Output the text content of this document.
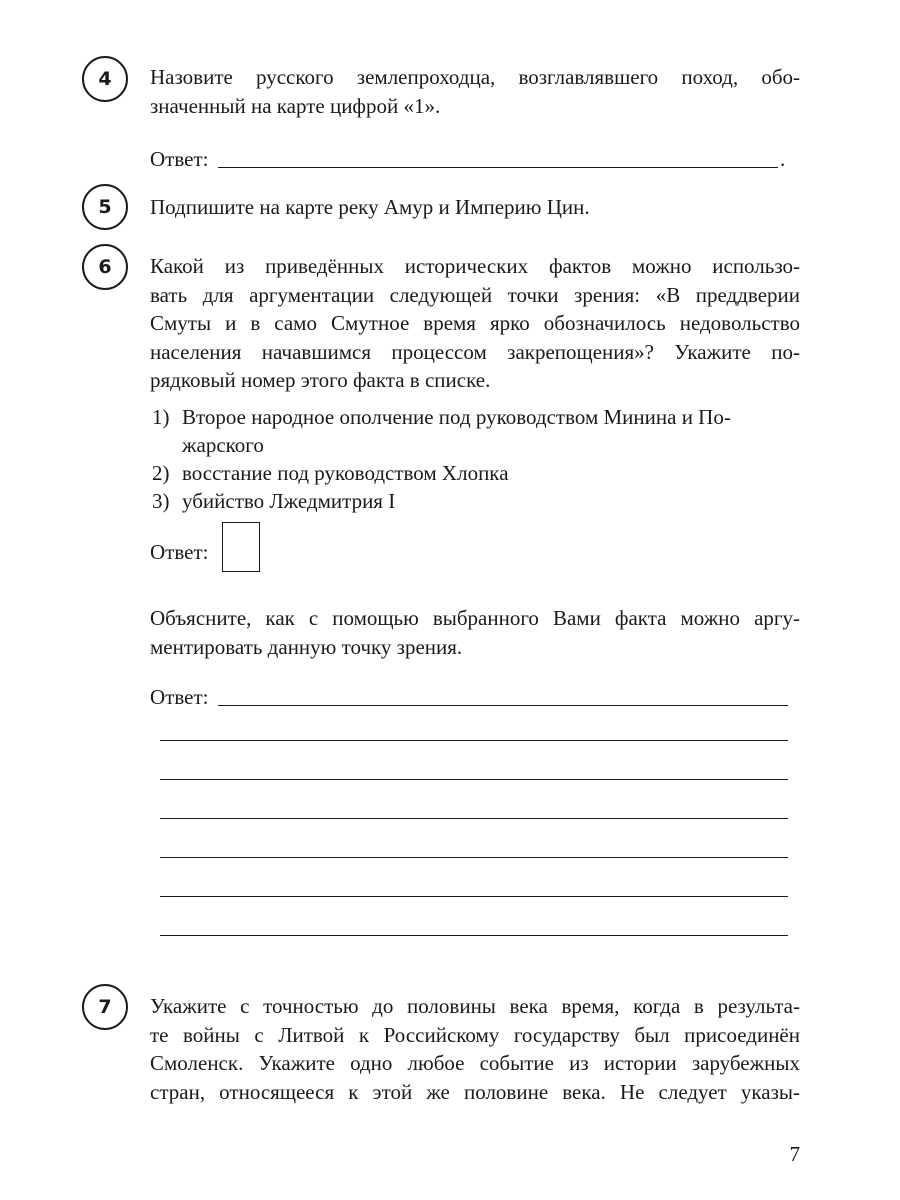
4	Назовите русского землепроходца, возглавлявшего поход, обо-
значенный на карте цифрой «1».
Ответ:	.
5	Подпишите на карте реку Амур и Империю Цин.
6	Какой из приведённых исторических фактов можно использо-
вать для аргументации следующей точки зрения: «В преддверии
Смуты и в само Смутное время ярко обозначилось недовольство
населения начавшимся процессом закрепощения»? Укажите по-
рядковый номер этого факта в списке.
1) Второе народное ополчение под руководством Минина и По-
жарского
2) восстание под руководством Хлопка
3) убийство Лжедмитрия I
Ответ:
Объясните, как с помощью выбранного Вами факта можно аргу-
ментировать данную точку зрения.
Ответ:
7	Укажите с точностью до половины века время, когда в результа-
те войны с Литвой к Российскому государству был присоединён
Смоленск. Укажите одно любое событие из истории зарубежных
стран, относящееся к этой же половине века. Не следует указы-
7
